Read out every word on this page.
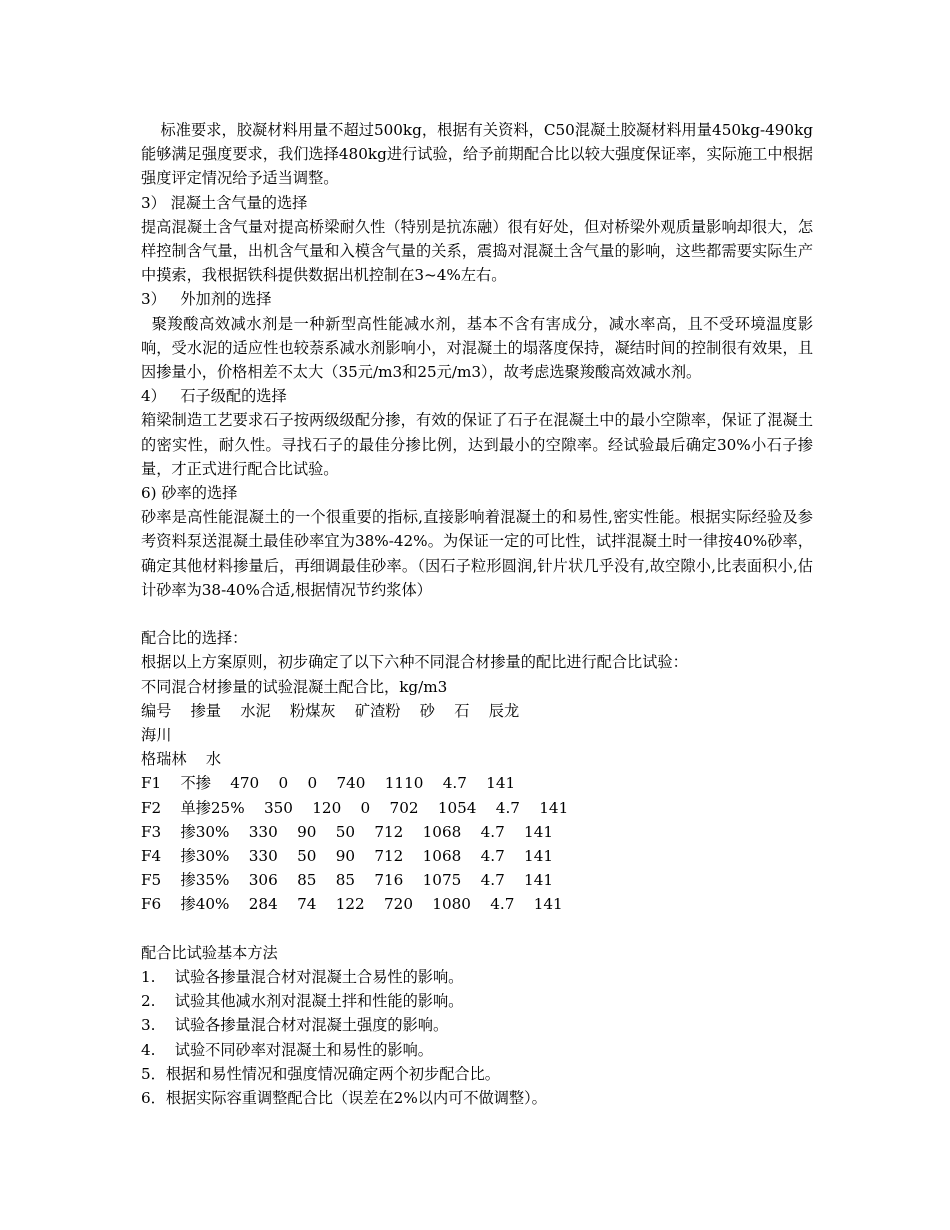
标准要求，胶凝材料用量不超过500kg，根据有关资料，C50混凝土胶凝材料用量450kg-490kg能够满足强度要求，我们选择480kg进行试验，给予前期配合比以较大强度保证率，实际施工中根据强度评定情况给予适当调整。

3） 混凝土含气量的选择

提高混凝土含气量对提高桥梁耐久性（特别是抗冻融）很有好处，但对桥梁外观质量影响却很大，怎样控制含气量，出机含气量和入模含气量的关系，震捣对混凝土含气量的影响，这些都需要实际生产中摸索，我根据铁科提供数据出机控制在3~4%左右。

3）   外加剂的选择

聚羧酸高效减水剂是一种新型高性能减水剂，基本不含有害成分，减水率高，且不受环境温度影响，受水泥的适应性也较萘系减水剂影响小，对混凝土的塌落度保持，凝结时间的控制很有效果，且因掺量小，价格相差不太大（35元/m3和25元/m3），故考虑选聚羧酸高效减水剂。

4）   石子级配的选择

箱梁制造工艺要求石子按两级级配分掺，有效的保证了石子在混凝土中的最小空隙率，保证了混凝土的密实性，耐久性。寻找石子的最佳分掺比例，达到最小的空隙率。经试验最后确定30%小石子掺量，才正式进行配合比试验。

6) 砂率的选择

砂率是高性能混凝土的一个很重要的指标,直接影响着混凝土的和易性,密实性能。根据实际经验及参考资料泵送混凝土最佳砂率宜为38%-42%。为保证一定的可比性，试拌混凝土时一律按40%砂率，确定其他材料掺量后，再细调最佳砂率。（因石子粒形圆润,针片状几乎没有,故空隙小,比表面积小,估计砂率为38-40%合适,根据情况节约浆体）

配合比的选择：

根据以上方案原则，初步确定了以下六种不同混合材掺量的配比进行配合比试验：

不同混合材掺量的试验混凝土配合比，kg/m3

编号    掺量    水泥    粉煤灰    矿渣粉    砂    石    辰龙

海川

格瑞林    水

F1    不掺    470    0    0    740    1110    4.7    141

F2    单掺25%    350    120    0    702    1054    4.7    141

F3    掺30%    330    90    50    712    1068    4.7    141

F4    掺30%    330    50    90    712    1068    4.7    141

F5    掺35%    306    85    85    716    1075    4.7    141

F6    掺40%    284    74    122    720    1080    4.7    141

配合比试验基本方法

1.    试验各掺量混合材对混凝土合易性的影响。

2.    试验其他减水剂对混凝土拌和性能的影响。

3.    试验各掺量混合材对混凝土强度的影响。

4.    试验不同砂率对混凝土和易性的影响。

5．根据和易性情况和强度情况确定两个初步配合比。

6．根据实际容重调整配合比（误差在2%以内可不做调整）。
